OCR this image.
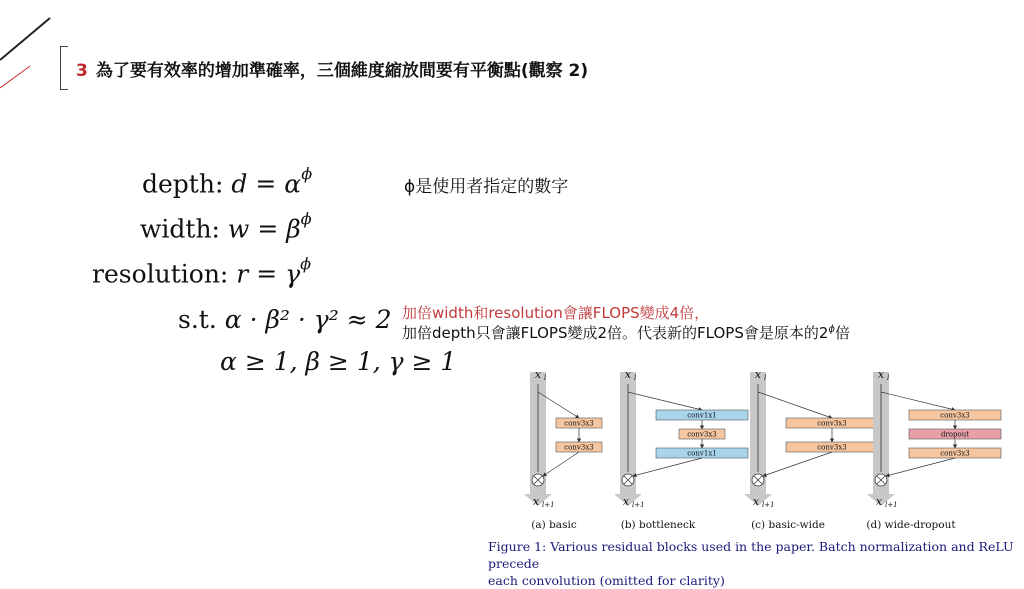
3 為了要有效率的增加準確率，三個維度縮放間要有平衡點(觀察 2)
depth: $d = \alpha^\phi$
width: $w = \beta^\phi$
resolution: $r = \gamma^\phi$
s.t. α · β² · γ² ≈ 2
α ≥ 1, β ≥ 1, γ ≥ 1
ϕ是使用者指定的數字
加倍width和resolution會讓FLOPS變成4倍，
加倍depth只會讓FLOPS變成2倍。代表新的FLOPS會是原本的$2^\phi$倍
x l
x l+1
conv3x3
conv3x3
(a) basic
x l
x l+1
conv1x1
conv3x3
conv1x1
(b) bottleneck
x l
x l+1
conv3x3
conv3x3
(c) basic-wide
x l
x l+1
conv3x3
dropout
conv3x3
(d) wide-dropout
Figure 1: Various residual blocks used in the paper. Batch normalization and ReLU precede
each convolution (omitted for clarity)
